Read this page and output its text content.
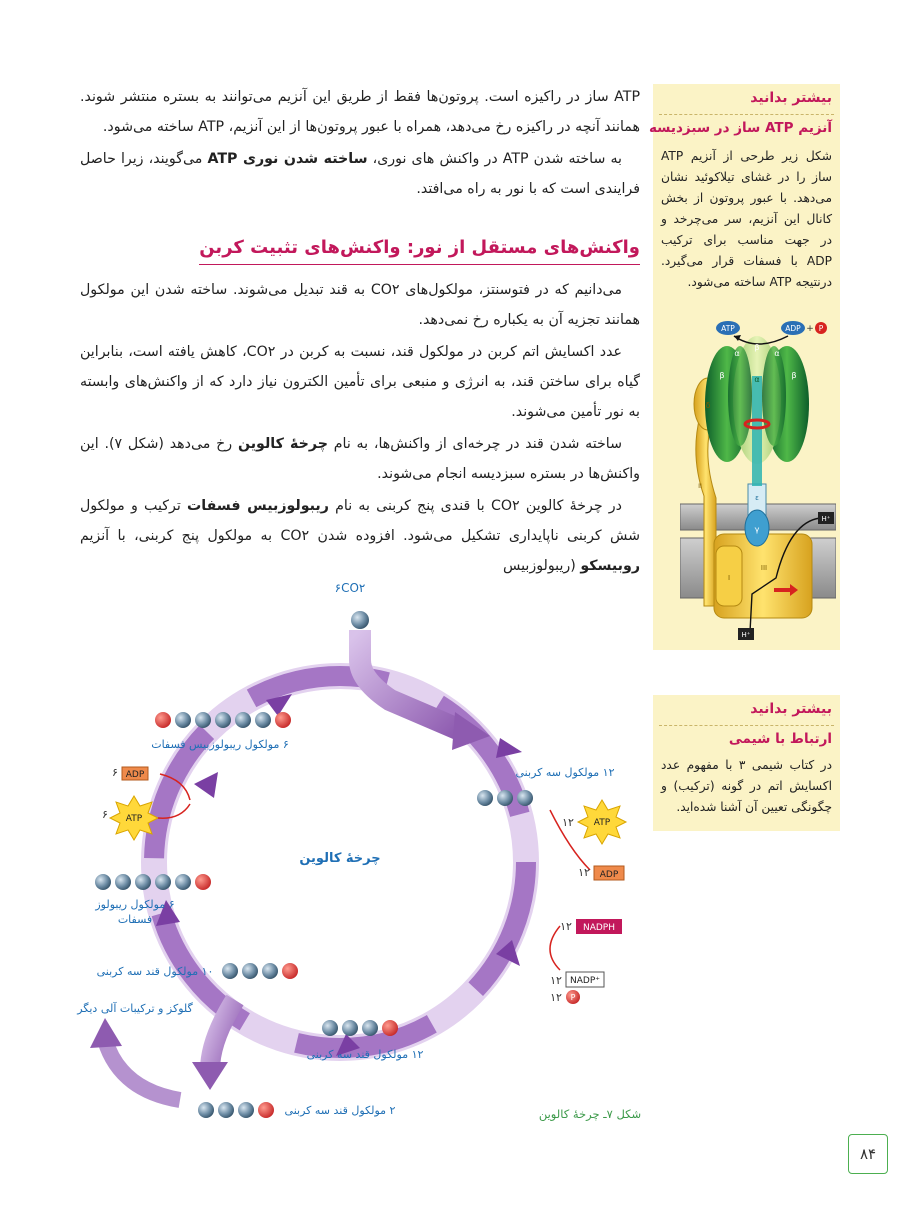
ATP ساز در راکیزه است. پروتون‌ها فقط از طریق این آنزیم می‌توانند به بستره منتشر شوند. همانند آنچه در راکیزه رخ می‌دهد، همراه با عبور پروتون‌ها از این آنزیم، ATP ساخته می‌شود.

به ساخته شدن ATP در واکنش های نوری، ساخته شدن نوری ATP می‌گویند، زیرا حاصل فرایندی است که با نور به راه می‌افتد.

واکنش‌های مستقل از نور: واکنش‌های تثبیت کربن

می‌دانیم که در فتوسنتز، مولکول‌های CO۲ به قند تبدیل می‌شوند. ساخته شدن این مولکول همانند تجزیه آن به یکباره رخ نمی‌دهد.

عدد اکسایش اتم کربن در مولکول قند، نسبت به کربن در CO۲، کاهش یافته است، بنابراین گیاه برای ساختن قند، به انرژی و منبعی برای تأمین الکترون نیاز دارد که از واکنش‌های وابسته به نور تأمین می‌شوند.

ساخته شدن قند در چرخه‌ای از واکنش‌ها، به نام چرخهٔ کالوین رخ می‌دهد (شکل ۷). این واکنش‌ها در بستره سبزدیسه انجام می‌شوند.

در چرخهٔ کالوین CO۲ با قندی پنج کربنی به نام ریبولوزبیس فسفات ترکیب و مولکول شش کربنی ناپایداری تشکیل می‌شود. افزوده شدن CO۲ به مولکول پنج کربنی، با آنزیم روبیسکو (ریبولوزبیس

بیشتر بدانید
آنزیم ATP ساز در سبزدیسه
شکل زیر طرحی از آنزیم ATP ساز را در غشای تیلاکوئید نشان می‌دهد. با عبور پروتون از بخش کانال این آنزیم، سر می‌چرخد و در جهت مناسب برای ترکیب ADP با فسفات قرار می‌گیرد. درنتیجه ATP ساخته می‌شود.
ATP	ADP + P
α
β
α
β	α	β
δ
II
ε
γ
I
III
H⁺
H⁺
بیشتر بدانید
ارتباط با شیمی
در کتاب شیمی ۳ با مفهوم عدد اکسایش اتم در گونه (ترکیب) و چگونگی تعیین آن آشنا شده‌اید.
۶CO۲
چرخهٔ کالوین
۶ مولکول ریبولوزبیس فسفات
۶ ADP
۶ ATP
۶ مولکول ریبولوز
فسفات
۱۰ مولکول قند سه کربنی
گلوکز و ترکیبات آلی دیگر
۱۲ مولکول سه کربنی
۱۲ ATP
۱۲ ADP
۱۲ NADPH
۱۲ NADP⁺
۱۲ P
۱۲ مولکول قند سه کربنی
۲ مولکول قند سه کربنی	شکل ۷ـ چرخهٔ کالوین
۸۴
